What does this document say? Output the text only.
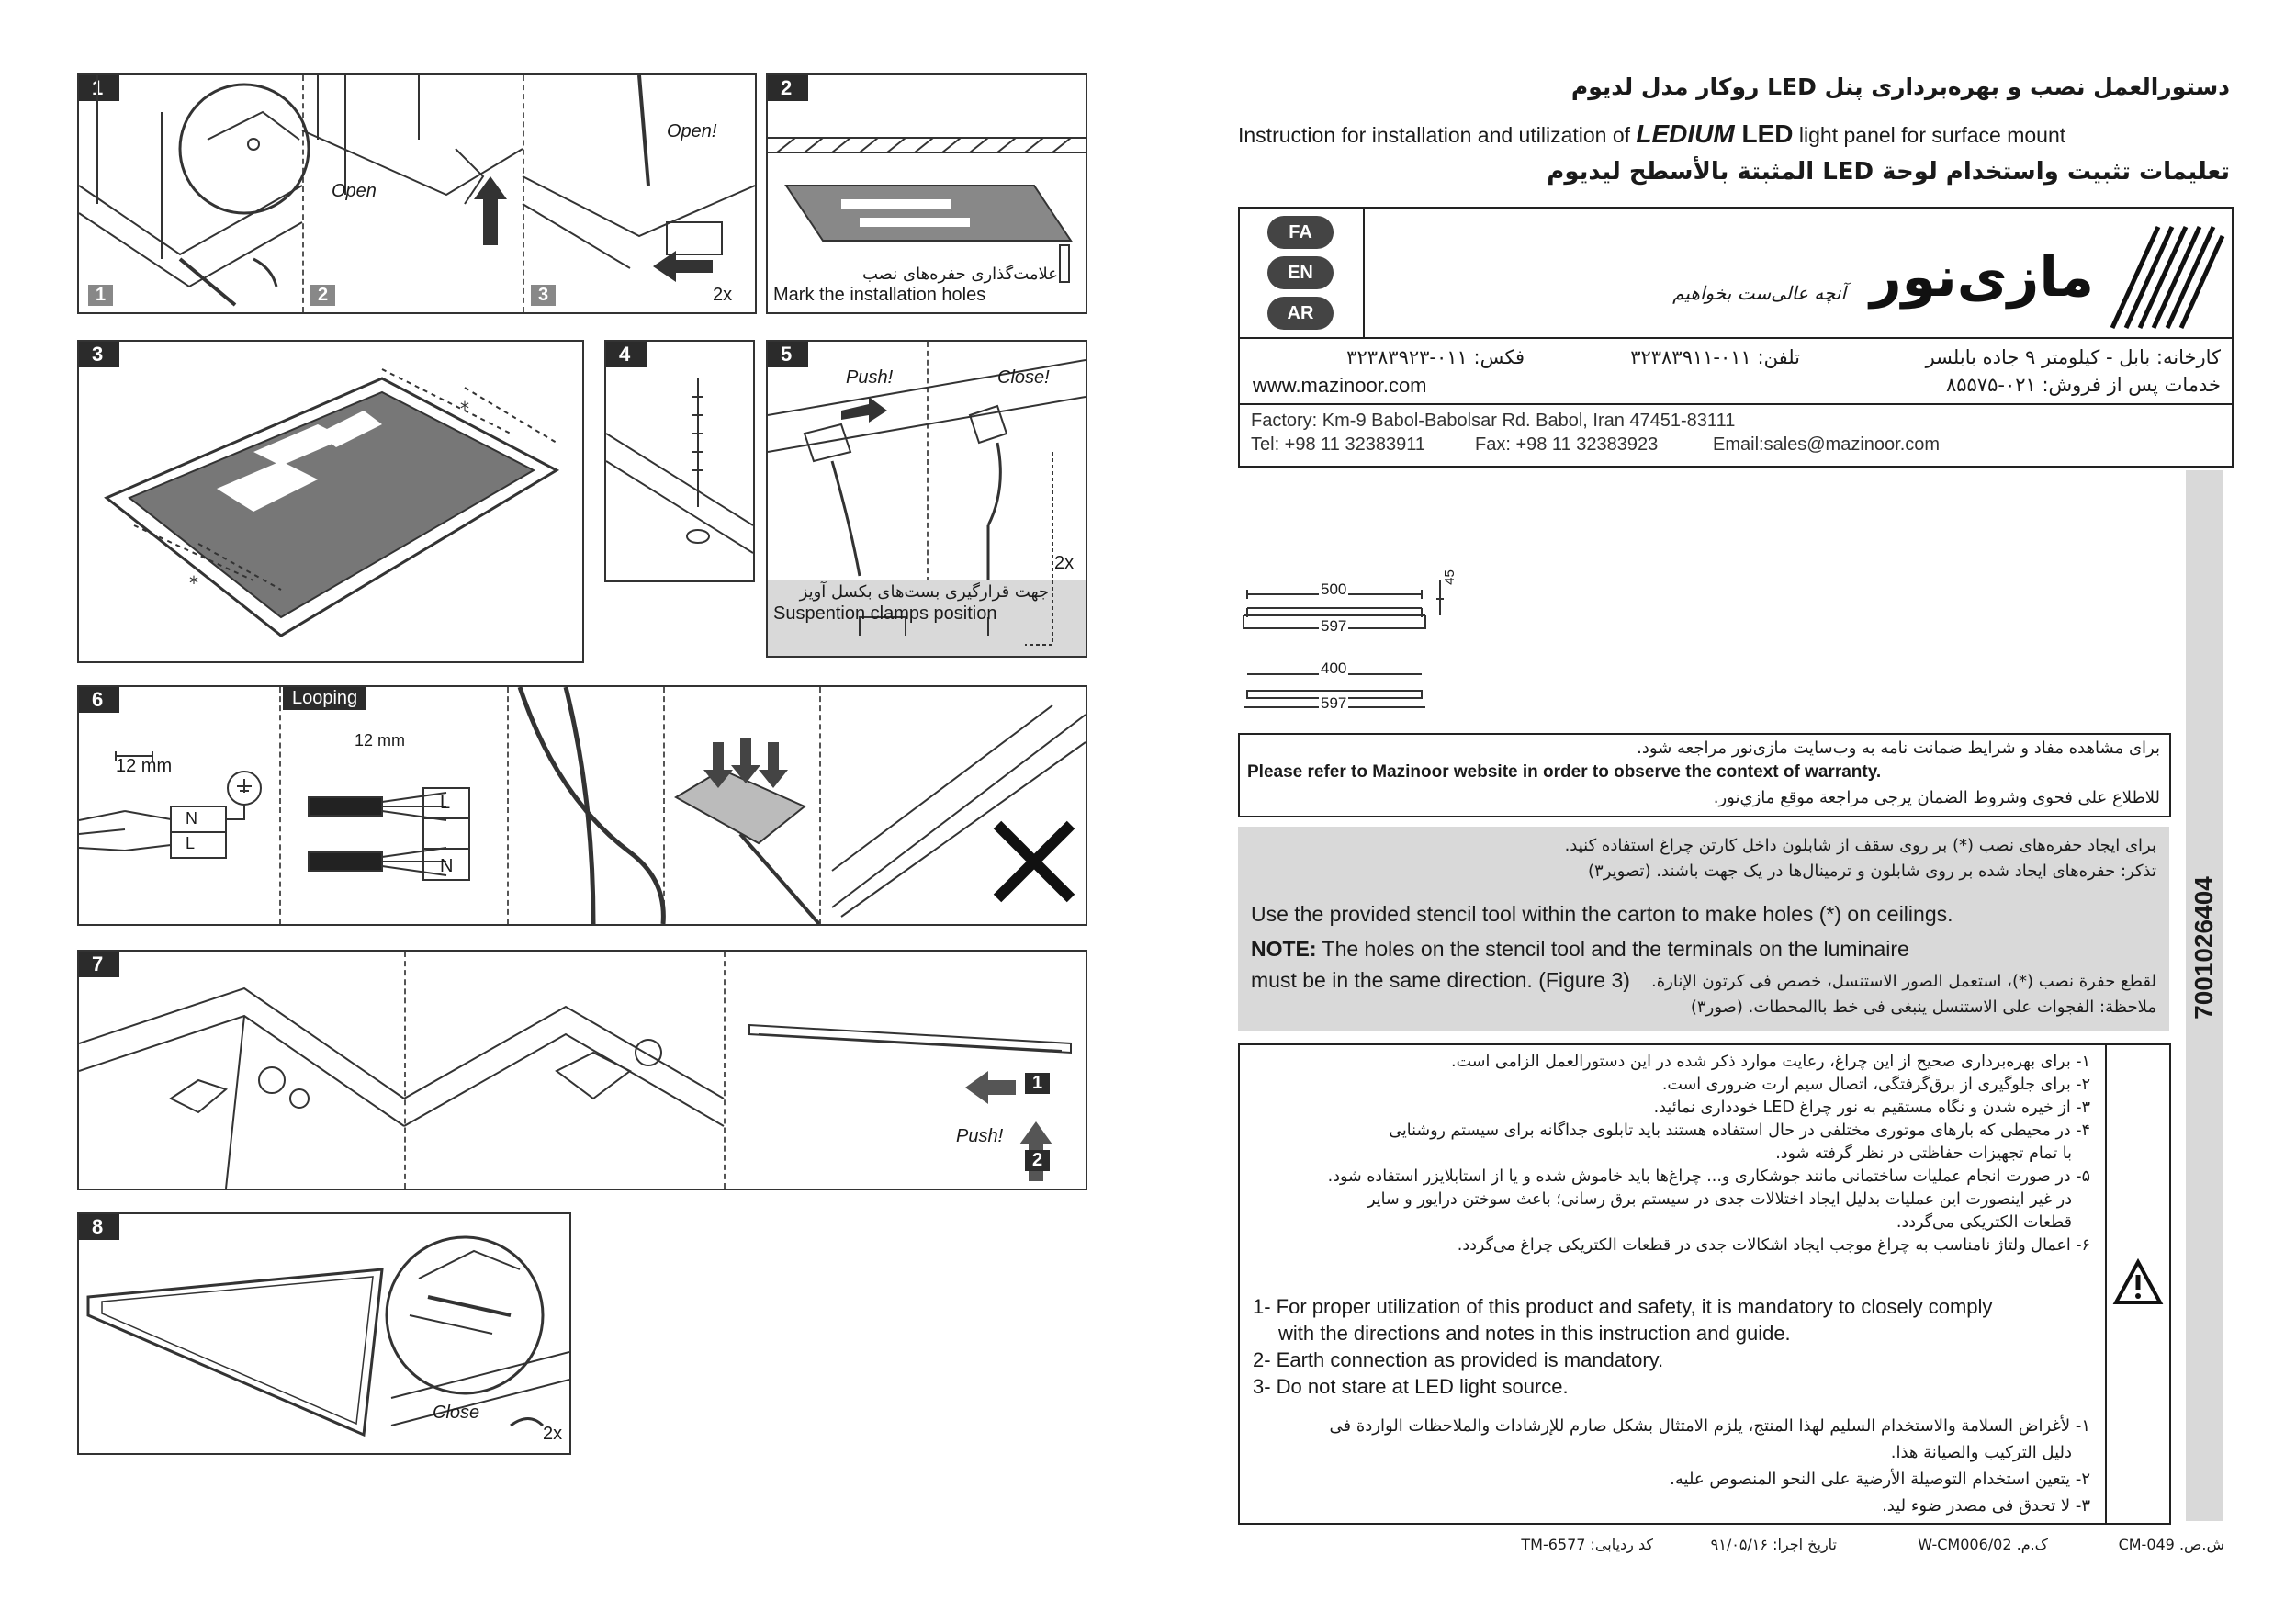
1
Open
Open!
1	2	3	2x
2
علامت‌گذاری حفره‌های نصب
Mark the installation holes
3
*
*
4	5
Push!	Close!
2x
جهت قرارگیری بست‌های بکسل آویز
Suspention clamps position
6	Looping
12 mm
N
L
12 mm
L
N
7
Push!
1
2
8
Close
2x
دستورالعمل نصب و بهره‌برداری پنل LED روکار مدل لدیوم
Instruction for installation and utilization of LEDIUM LED light panel for surface mount
تعليمات تثبيت واستخدام لوحة LED المثبتة بالأسطح ليديوم
FA
EN
AR
مازی‌نور
آنچه عالی‌ست بخواهیم
کارخانه: بابل - کیلومتر ۹ جاده بابلسر
تلفن: ۰۱۱-۳۲۳۸۳۹۱۱
فکس: ۰۱۱-۳۲۳۸۳۹۲۳
خدمات پس از فروش: ۰۲۱-۸۵۵۷۵
www.mazinoor.com
Factory: Km-9 Babol-Babolsar Rd. Babol, Iran 47451-83111
Tel: +98 11 32383911	Fax: +98 11 32383923	Email:sales@mazinoor.com
500
597
45
400
597
برای مشاهده مفاد و شرایط ضمانت نامه به وب‌سایت مازی‌نور مراجعه شود.
Please refer to Mazinoor website in order to observe the context of warranty.
للاطلاع على فحوى وشروط الضمان يرجى مراجعة موقع مازي‌نور.
برای ایجاد حفره‌های نصب (*) بر روی سقف از شابلون داخل کارتن چراغ استفاده کنید.
تذکر: حفره‌های ایجاد شده بر روی شابلون و ترمینال‌ها در یک جهت باشند. (تصویر۳)
Use the provided stencil tool within the carton to make holes (*) on ceilings.
NOTE: The holes on the stencil tool and the terminals on the luminaire must be in the same direction. (Figure 3)	لقطع حفرة نصب (*)، استعمل الصور الاستنسل، خصص فی كرتون الإنارة.
ملاحظة: الفجوات على الاستنسل ينبغی فی خط باالمحطات. (صور۳)
۱- برای بهره‌برداری صحیح از این چراغ، رعایت موارد ذکر شده در این دستورالعمل الزامی است.
۲- برای جلوگیری از برق‌گرفتگی، اتصال سیم ارت ضروری است.
۳- از خیره شدن و نگاه مستقیم به نور چراغ LED خودداری نمائید.
۴- در محیطی که بارهای موتوری مختلفی در حال استفاده هستند باید تابلوی جداگانه برای سیستم روشنایی
با تمام تجهیزات حفاظتی در نظر گرفته شود.
۵- در صورت انجام عملیات ساختمانی مانند جوشکاری و... چراغ‌ها باید خاموش شده و یا از استابلایزر استفاده شود.
در غیر اینصورت این عملیات بدلیل ایجاد اختلالات جدی در سیستم برق رسانی؛ باعث سوختن درایور و سایر
قطعات الکتریکی می‌گردد.
۶- اعمال ولتاژ نامناسب به چراغ موجب ایجاد اشکالات جدی در قطعات الکتریکی چراغ می‌گردد.
1- For proper utilization of this product and safety, it is mandatory to closely comply
with the directions and notes in this instruction and guide.
2- Earth connection as provided is mandatory.
3- Do not stare at LED light source.
۱- لأغراض السلامة والاستخدام السليم لهذا المنتج، يلزم الامتثال بشكل صارم للإرشادات والملاحظات الواردة فی
دليل التركيب والصيانة هذا.
۲- يتعين استخدام التوصيلة الأرضية على النحو المنصوص عليه.
۳- لا تحدق فی مصدر ضوء ليد.
7001026404
ش.ص. CM-049
ک.م. W-CM006/02
تاریخ اجرا: ۹۱/۰۵/۱۶
کد ردیابی: TM-6577
